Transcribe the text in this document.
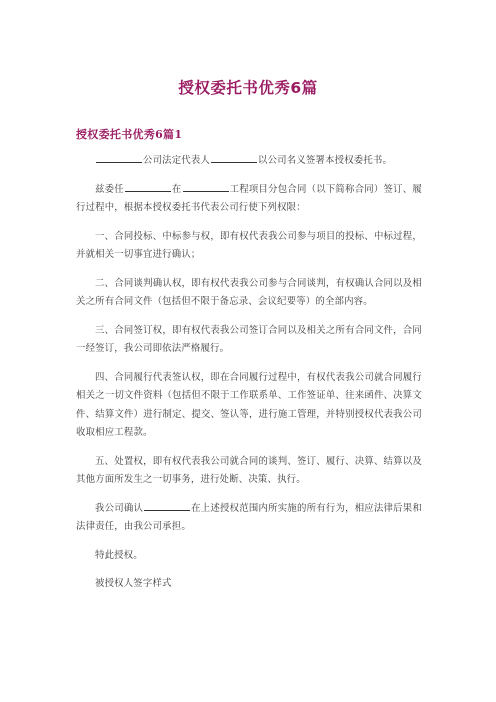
授权委托书优秀6篇
授权委托书优秀6篇1

公司法定代表人	以公司名义签署本授权委托书。

兹委任	在	工程项目分包合同（以下简称合同）签订、履行过程中，根据本授权委托书代表公司行使下列权限：

一、合同投标、中标参与权，即有权代表我公司参与项目的投标、中标过程，并就相关一切事宜进行确认；

二、合同谈判确认权，即有权代表我公司参与合同谈判，有权确认合同以及相关之所有合同文件（包括但不限于备忘录、会议纪要等）的全部内容。

三、合同签订权，即有权代表我公司签订合同以及相关之所有合同文件，合同一经签订，我公司即依法严格履行。

四、合同履行代表签认权，即在合同履行过程中，有权代表我公司就合同履行相关之一切文件资料（包括但不限于工作联系单、工作签证单、往来函件、决算文件、结算文件）进行制定、提交、签认等，进行施工管理，并特别授权代表我公司收取相应工程款。

五、处置权，即有权代表我公司就合同的谈判、签订、履行、决算、结算以及其他方面所发生之一切事务，进行处断、决策、执行。

我公司确认	在上述授权范围内所实施的所有行为，相应法律后果和法律责任，由我公司承担。

特此授权。

被授权人签字样式
